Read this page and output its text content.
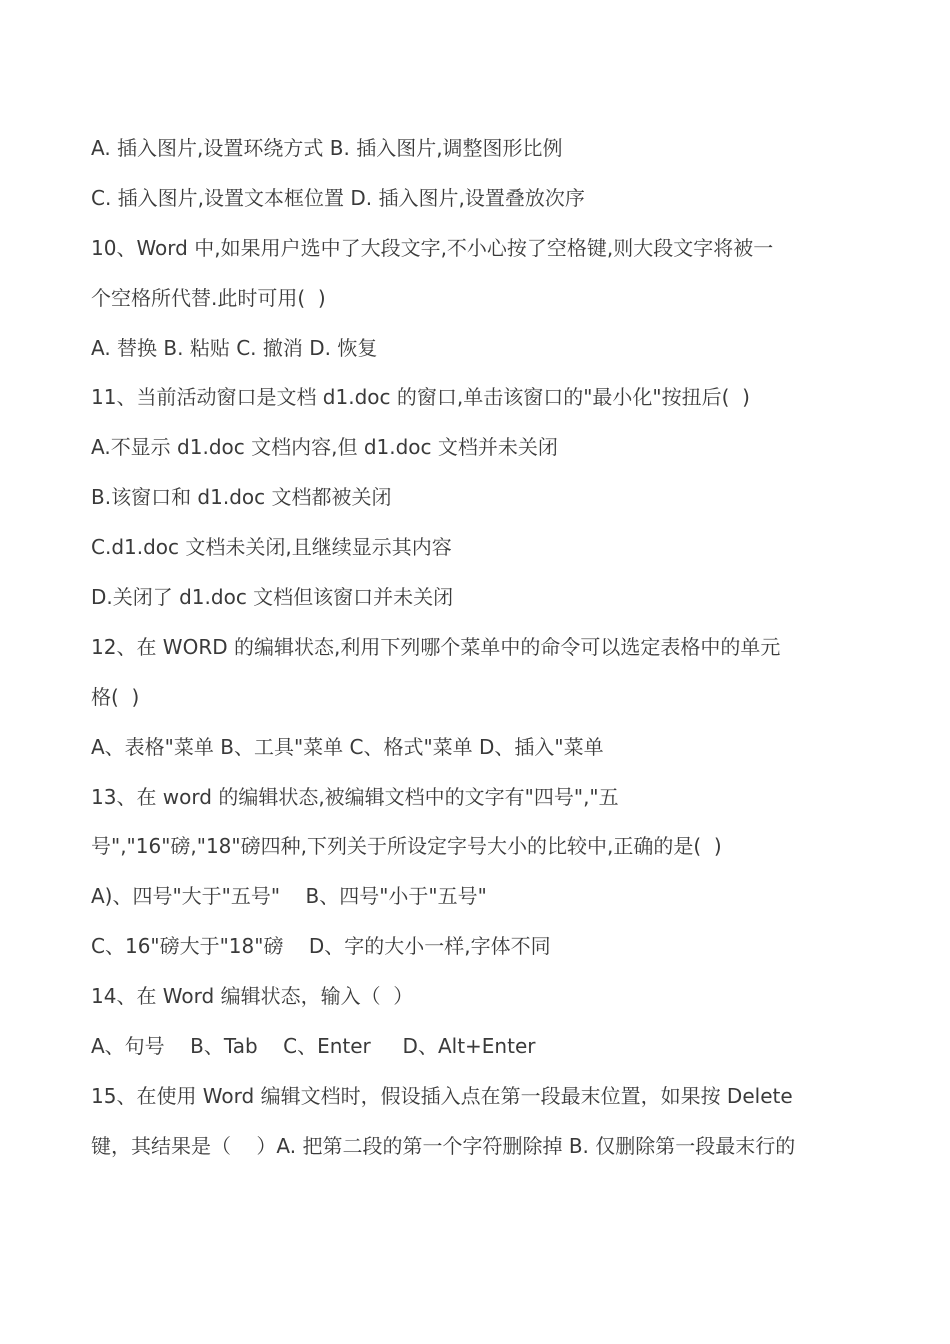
A. 插入图片,设置环绕方式 B. 插入图片,调整图形比例
C. 插入图片,设置文本框位置 D. 插入图片,设置叠放次序
10、Word 中,如果用户选中了大段文字,不小心按了空格键,则大段文字将被一
个空格所代替.此时可用(  )
A. 替换 B. 粘贴 C. 撤消 D. 恢复
11、当前活动窗口是文档 d1.doc 的窗口,单击该窗口的"最小化"按扭后(  )
A.不显示 d1.doc 文档内容,但 d1.doc 文档并未关闭
B.该窗口和 d1.doc 文档都被关闭
C.d1.doc 文档未关闭,且继续显示其内容
D.关闭了 d1.doc 文档但该窗口并未关闭
12、在 WORD 的编辑状态,利用下列哪个菜单中的命令可以选定表格中的单元
格(  )
A、表格"菜单 B、工具"菜单 C、格式"菜单 D、插入"菜单
13、在 word 的编辑状态,被编辑文档中的文字有"四号","五
号","16"磅,"18"磅四种,下列关于所设定字号大小的比较中,正确的是(  )
A)、四号"大于"五号"    B、四号"小于"五号"
C、16"磅大于"18"磅    D、字的大小一样,字体不同
14、在 Word 编辑状态，输入（  ）
A、句号    B、Tab    C、Enter     D、Alt+Enter
15、在使用 Word 编辑文档时，假设插入点在第一段最末位置，如果按 Delete
键，其结果是（    ）A. 把第二段的第一个字符删除掉 B. 仅删除第一段最末行的
